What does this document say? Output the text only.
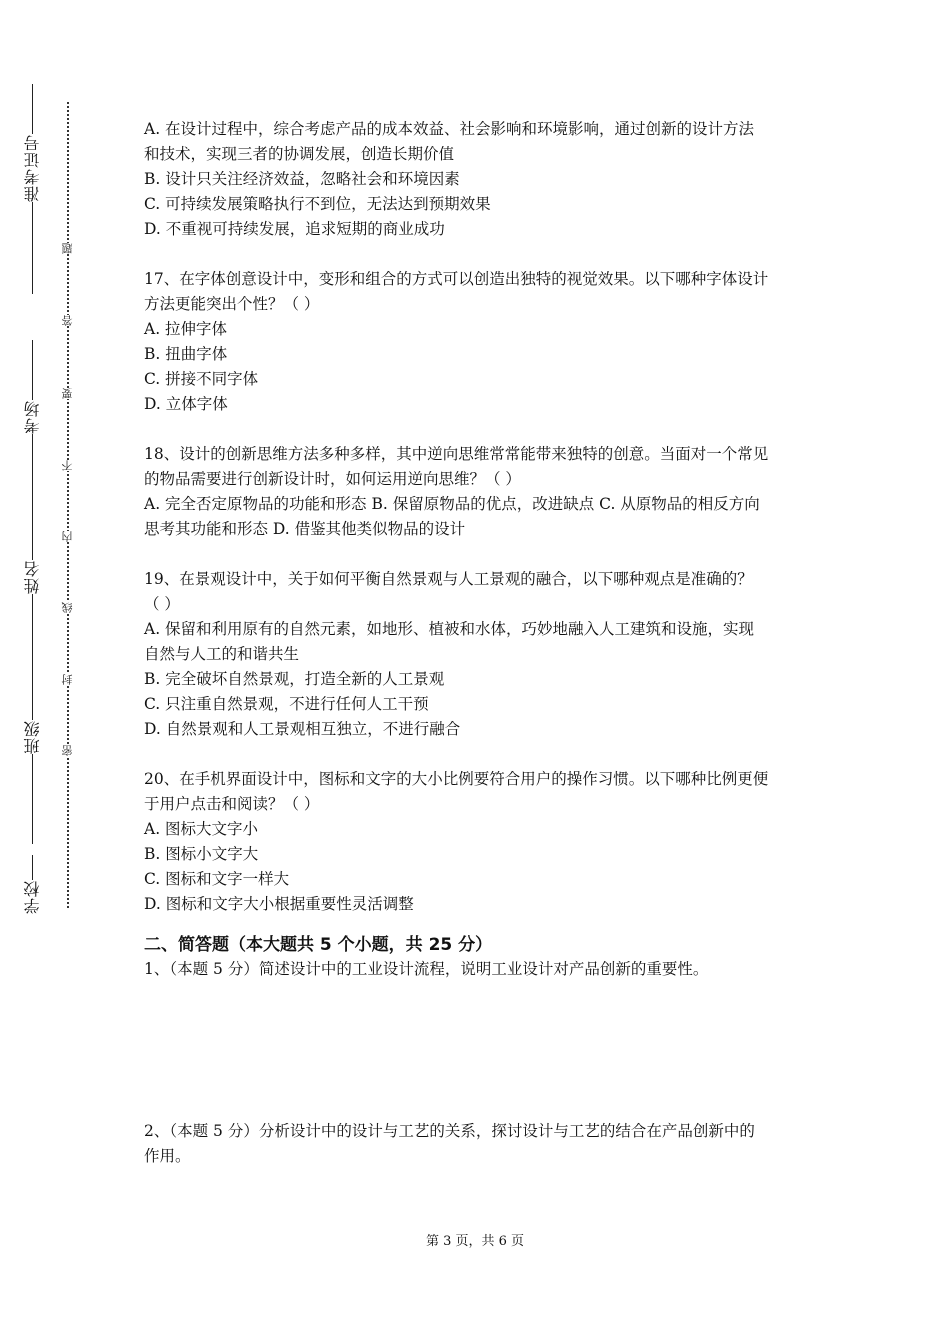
准考证号
考场
姓名
班级
学校
题
答
要
不
内
线
封
密

A. 在设计过程中，综合考虑产品的成本效益、社会影响和环境影响，通过创新的设计方法

和技术，实现三者的协调发展，创造长期价值

B. 设计只关注经济效益，忽略社会和环境因素

C. 可持续发展策略执行不到位，无法达到预期效果

D. 不重视可持续发展，追求短期的商业成功

17、在字体创意设计中，变形和组合的方式可以创造出独特的视觉效果。以下哪种字体设计

方法更能突出个性？（ ）

A. 拉伸字体

B. 扭曲字体

C. 拼接不同字体

D. 立体字体

18、设计的创新思维方法多种多样，其中逆向思维常常能带来独特的创意。当面对一个常见

的物品需要进行创新设计时，如何运用逆向思维？（ ）

A. 完全否定原物品的功能和形态 B. 保留原物品的优点，改进缺点 C. 从原物品的相反方向

思考其功能和形态 D. 借鉴其他类似物品的设计

19、在景观设计中，关于如何平衡自然景观与人工景观的融合，以下哪种观点是准确的？

（ ）

A. 保留和利用原有的自然元素，如地形、植被和水体，巧妙地融入人工建筑和设施，实现

自然与人工的和谐共生

B. 完全破坏自然景观，打造全新的人工景观

C. 只注重自然景观，不进行任何人工干预

D. 自然景观和人工景观相互独立，不进行融合

20、在手机界面设计中，图标和文字的大小比例要符合用户的操作习惯。以下哪种比例更便

于用户点击和阅读？（ ）

A. 图标大文字小

B. 图标小文字大

C. 图标和文字一样大

D. 图标和文字大小根据重要性灵活调整

二、简答题（本大题共 5 个小题，共 25 分）

1、（本题 5 分）简述设计中的工业设计流程，说明工业设计对产品创新的重要性。

2、（本题 5 分）分析设计中的设计与工艺的关系，探讨设计与工艺的结合在产品创新中的

作用。

第 3 页，共 6 页
